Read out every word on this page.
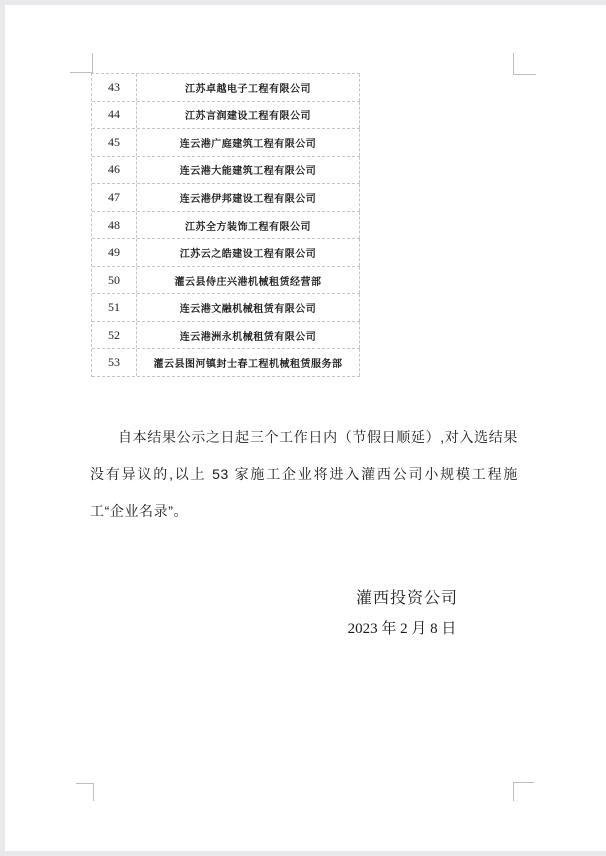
43	江苏卓越电子工程有限公司
44	江苏言润建设工程有限公司
45	连云港广庭建筑工程有限公司
46	连云港大能建筑工程有限公司
47	连云港伊邦建设工程有限公司
48	江苏全方装饰工程有限公司
49	江苏云之皓建设工程有限公司
50	灌云县侍庄兴港机械租赁经营部
51	连云港文融机械租赁有限公司
52	连云港洲永机械租赁有限公司
53	灌云县图河镇封士春工程机械租赁服务部
自本结果公示之日起三个工作日内（节假日顺延）,对入选结果没有异议的,以上 53 家施工企业将进入灌西公司小规模工程施工“企业名录”。
灌西投资公司
2023 年 2 月 8 日
